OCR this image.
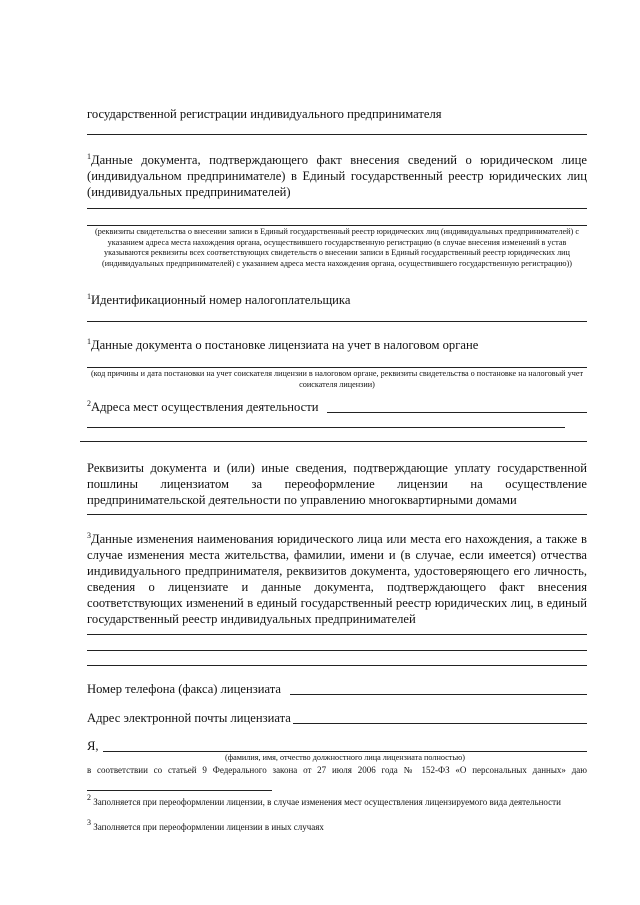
государственной регистрации индивидуального предпринимателя
$^1$Данные документа, подтверждающего факт внесения сведений о юридическом лице (индивидуальном предпринимателе) в Единый государственный реестр юридических лиц (индивидуальных предпринимателей)
(реквизиты свидетельства о внесении записи в Единый государственный реестр юридических лиц (индивидуальных предпринимателей) с указанием адреса места нахождения органа, осуществившего государственную регистрацию (в случае внесения изменений в устав указываются реквизиты всех соответствующих свидетельств о внесении записи в Единый государственный реестр юридических лиц (индивидуальных предпринимателей) с указанием адреса места нахождения органа, осуществившего государственную регистрацию))
$^1$Идентификационный номер налогоплательщика
$^1$Данные документа о постановке лицензиата на учет в налоговом органе
(код причины и дата постановки на учет соискателя лицензии в налоговом органе, реквизиты свидетельства о постановке на налоговый учет соискателя лицензии)
$^2$Адреса мест осуществления деятельности
Реквизиты документа и (или) иные сведения, подтверждающие уплату государственной пошлины лицензиатом за переоформление лицензии на осуществление предпринимательской деятельности по управлению многоквартирными домами
$^3$Данные изменения наименования юридического лица или места его нахождения, а также в случае изменения места жительства, фамилии, имени и (в случае, если имеется) отчества индивидуального предпринимателя, реквизитов документа, удостоверяющего его личность, сведения о лицензиате и данные документа, подтверждающего факт внесения соответствующих изменений в единый государственный реестр юридических лиц, в единый государственный реестр индивидуальных предпринимателей
Номер телефона (факса) лицензиата
Адрес электронной почты лицензиата
Я,
(фамилия, имя, отчество должностного лица лицензиата полностью)
в соответствии со статьей 9 Федерального закона от 27 июля 2006 года № 152-ФЗ «О персональных данных» даю
$^2$ Заполняется при переоформлении лицензии, в случае изменения мест осуществления лицензируемого вида деятельности
$^3$ Заполняется при переоформлении лицензии в иных случаях
